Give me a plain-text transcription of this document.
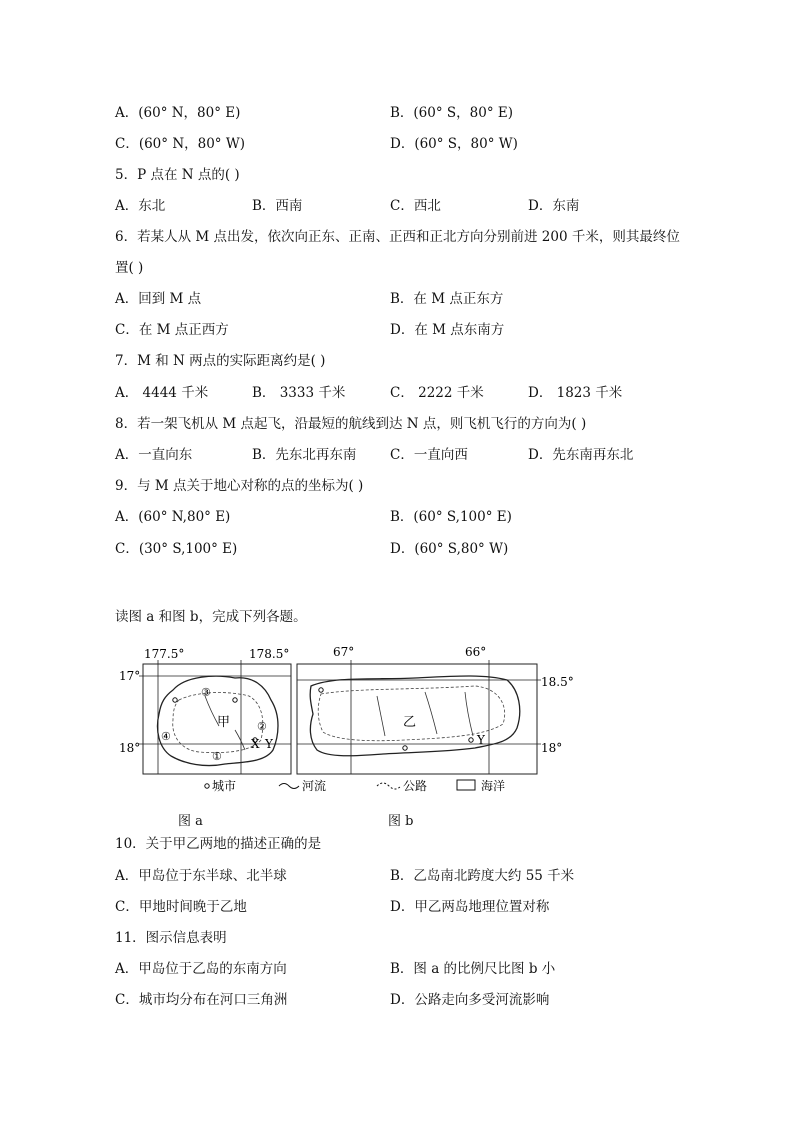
A．(60° N，80° E)	B．(60° S，80° E)
C．(60° N，80° W)	D．(60° S，80° W)
5．P 点在 N 点的( )
A．东北	B．西南	C．西北	D．东南
6．若某人从 M 点出发，依次向正东、正南、正西和正北方向分别前进 200 千米，则其最终位
置( )
A．回到 M 点	B．在 M 点正东方
C．在 M 点正西方	D．在 M 点东南方
7．M 和 N 两点的实际距离约是( )
A． 4444 千米	B． 3333 千米	C． 2222 千米	D． 1823 千米
8．若一架飞机从 M 点起飞，沿最短的航线到达 N 点，则飞机飞行的方向为( )
A．一直向东	B．先东北再东南 C．一直向西	D．先东南再东北
9．与 M 点关于地心对称的点的坐标为( )
A．(60° N,80° E)	B．(60° S,100° E)
C．(30° S,100° E)	D．(60° S,80° W)
读图 a 和图 b，完成下列各题。
177.5°	178.5°
17°
18°
③
②
④
①
甲
X Y
67°	66°
18.5°
18°
乙
Y
城市	河流	公路	海洋
图 a	图 b
10．关于甲乙两地的描述正确的是
A．甲岛位于东半球、北半球	B．乙岛南北跨度大约 55 千米
C．甲地时间晚于乙地	D．甲乙两岛地理位置对称
11．图示信息表明
A．甲岛位于乙岛的东南方向	B．图 a 的比例尺比图 b 小
C．城市均分布在河口三角洲	D．公路走向多受河流影响
